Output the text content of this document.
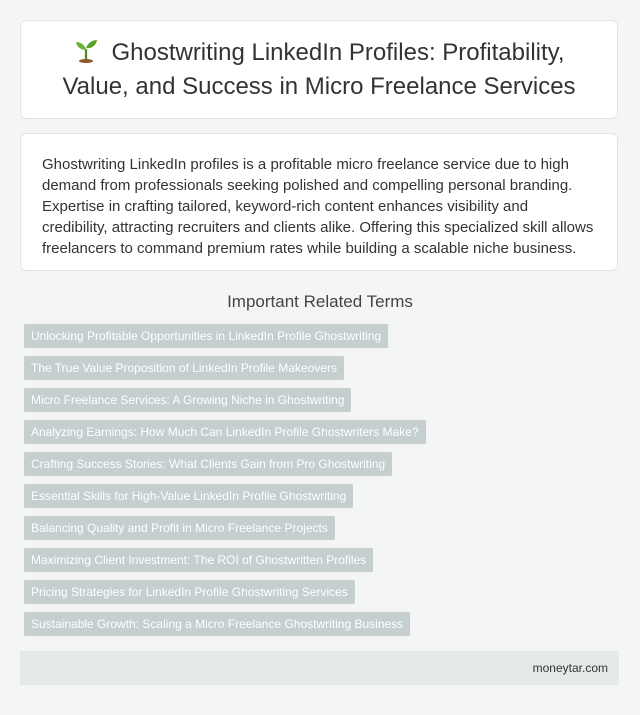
Ghostwriting LinkedIn Profiles: Profitability, Value, and Success in Micro Freelance Services

Ghostwriting LinkedIn profiles is a profitable micro freelance service due to high demand from professionals seeking polished and compelling personal branding. Expertise in crafting tailored, keyword-rich content enhances visibility and credibility, attracting recruiters and clients alike. Offering this specialized skill allows freelancers to command premium rates while building a scalable niche business.

Important Related Terms
Unlocking Profitable Opportunities in LinkedIn Profile Ghostwriting
The True Value Proposition of LinkedIn Profile Makeovers
Micro Freelance Services: A Growing Niche in Ghostwriting
Analyzing Earnings: How Much Can LinkedIn Profile Ghostwriters Make?
Crafting Success Stories: What Clients Gain from Pro Ghostwriting
Essential Skills for High-Value LinkedIn Profile Ghostwriting
Balancing Quality and Profit in Micro Freelance Projects
Maximizing Client Investment: The ROI of Ghostwritten Profiles
Pricing Strategies for LinkedIn Profile Ghostwriting Services
Sustainable Growth: Scaling a Micro Freelance Ghostwriting Business
moneytar.com
